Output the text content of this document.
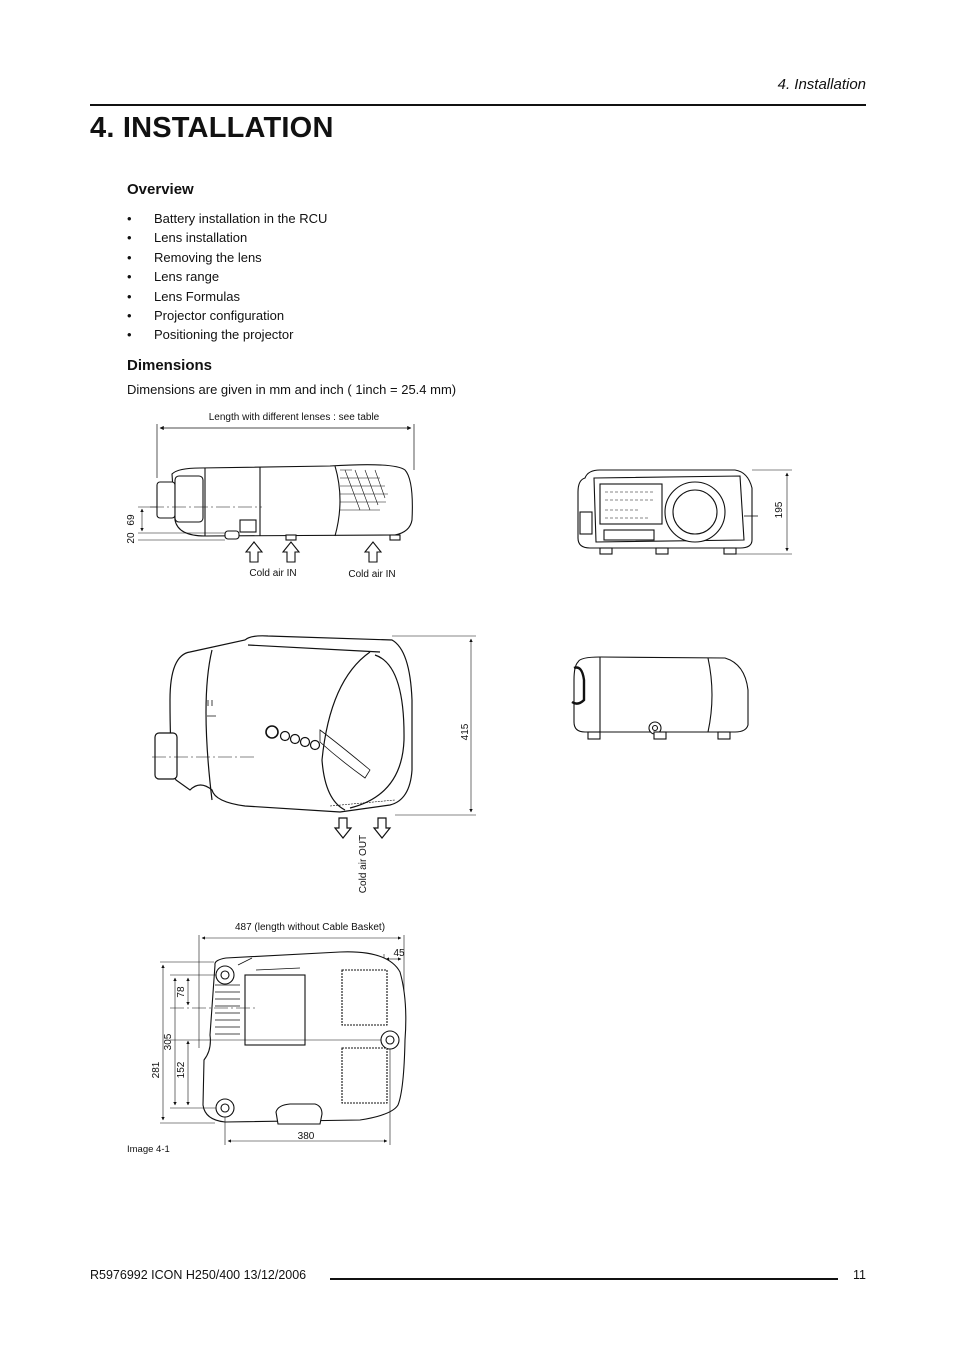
4. Installation
4. INSTALLATION
Overview
• Battery installation in the RCU
• Lens installation
• Removing the lens
• Lens range
• Lens Formulas
• Projector configuration
• Positioning the projector
Dimensions
Dimensions are given in mm and inch ( 1inch = 25.4 mm)
Length with different lenses : see table
20
69
Cold air IN	Cold air IN
195
415
Cold air OUT
487 (length without Cable Basket)
45
78
305
281 152
380
Image 4-1
R5976992 ICON H250/400 13/12/2006	11
